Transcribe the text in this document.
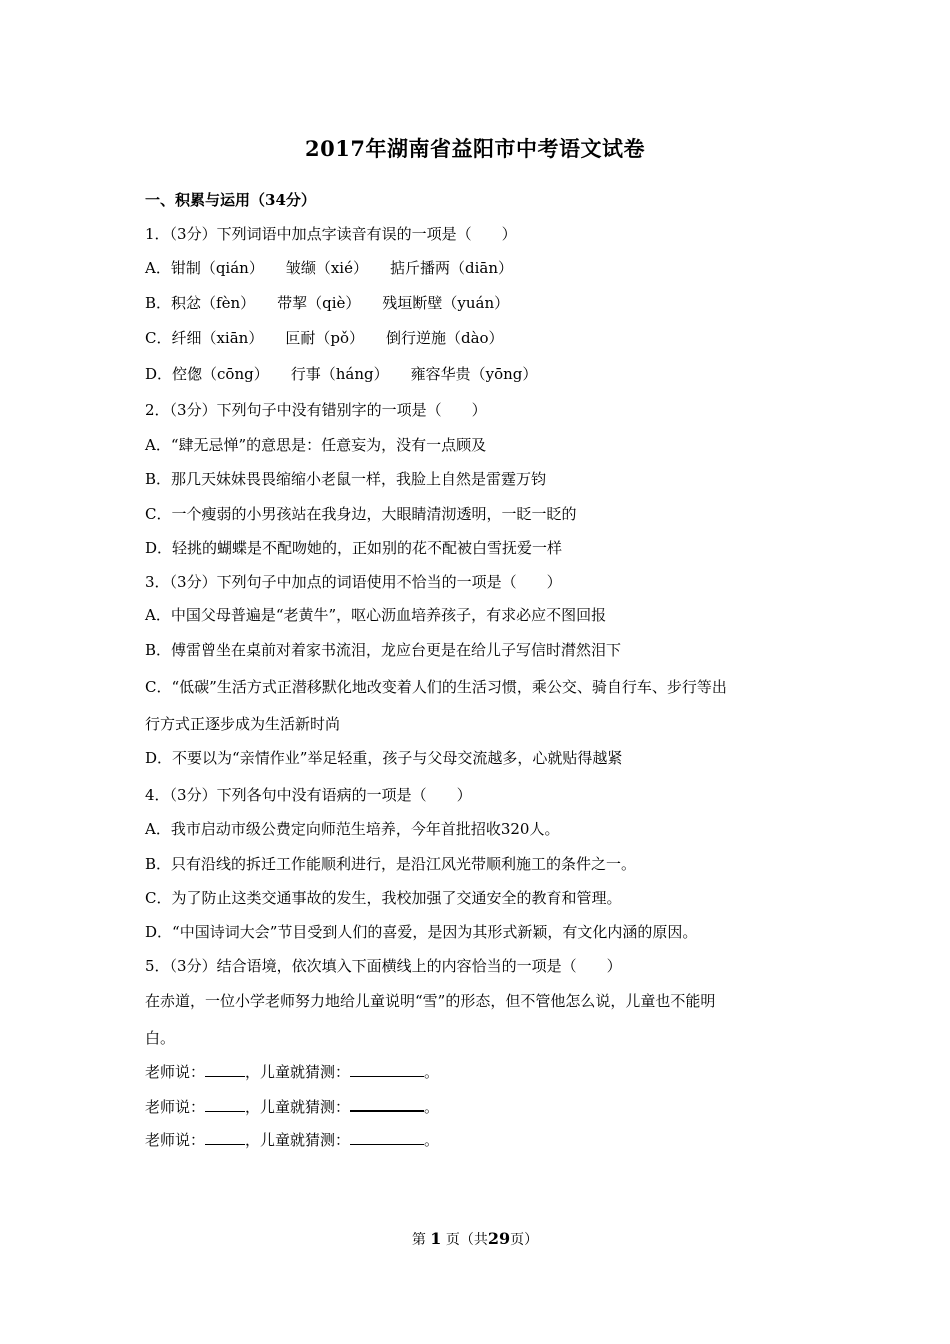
2017年湖南省益阳市中考语文试卷
一、积累与运用（34分）
1．（3分）下列词语中加点字读音有误的一项是（　　）
A．钳制（qián） 皱缬（xié） 掂斤播两（diān）
B．积忿（fèn） 带挈（qiè） 残垣断壁（yuán）
C．纤细（xiān） 叵耐（pǒ） 倒行逆施（dào）
D．倥偬（cōng） 行事（háng） 雍容华贵（yōng）
2．（3分）下列句子中没有错别字的一项是（　　）
A．“肆无忌惮”的意思是：任意妄为，没有一点顾及
B．那几天妹妹畏畏缩缩小老鼠一样，我脸上自然是雷霆万钧
C．一个瘦弱的小男孩站在我身边，大眼睛清沏透明，一眨一眨的
D．轻挑的蝴蝶是不配吻她的，正如别的花不配被白雪抚爱一样
3．（3分）下列句子中加点的词语使用不恰当的一项是（　　）
A．中国父母普遍是“老黄牛”，呕心沥血培养孩子，有求必应不图回报
B．傅雷曾坐在桌前对着家书流泪，龙应台更是在给儿子写信时潸然泪下
C．“低碳”生活方式正潜移默化地改变着人们的生活习惯，乘公交、骑自行车、步行等出
行方式正逐步成为生活新时尚
D．不要以为“亲情作业”举足轻重，孩子与父母交流越多，心就贴得越紧
4．（3分）下列各句中没有语病的一项是（　　）
A．我市启动市级公费定向师范生培养，今年首批招收320人。
B．只有沿线的拆迁工作能顺利进行，是沿江风光带顺利施工的条件之一。
C．为了防止这类交通事故的发生，我校加强了交通安全的教育和管理。
D．“中国诗词大会”节目受到人们的喜爱，是因为其形式新颖，有文化内涵的原因。
5．（3分）结合语境，依次填入下面横线上的内容恰当的一项是（　　）
在赤道，一位小学老师努力地给儿童说明“雪”的形态，但不管他怎么说，儿童也不能明
白。
老师说：	，儿童就猜测：	。
老师说：	，儿童就猜测：	。
老师说：	，儿童就猜测：	。
第 1 页（共29页）
